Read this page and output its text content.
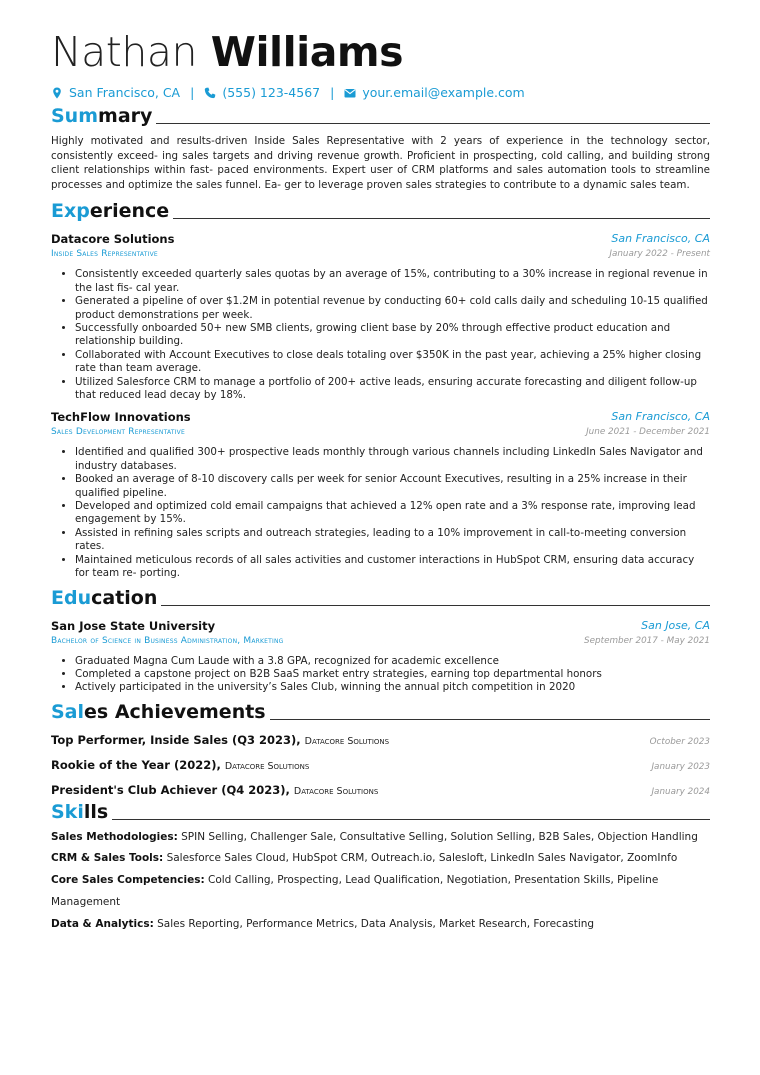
Nathan Williams
San Francisco, CA | (555) 123-4567 | your.email@example.com
Summary
Highly motivated and results-driven Inside Sales Representative with 2 years of experience in the technology sector, consistently exceed- ing sales targets and driving revenue growth. Proficient in prospecting, cold calling, and building strong client relationships within fast- paced environments. Expert user of CRM platforms and sales automation tools to streamline processes and optimize the sales funnel. Ea- ger to leverage proven sales strategies to contribute to a dynamic sales team.
Experience
Datacore Solutions	San Francisco, CA
Inside Sales Representative	January 2022 - Present
• Consistently exceeded quarterly sales quotas by an average of 15%, contributing to a 30% increase in regional revenue in the last fis- cal year.
• Generated a pipeline of over $1.2M in potential revenue by conducting 60+ cold calls daily and scheduling 10-15 qualified product demonstrations per week.
• Successfully onboarded 50+ new SMB clients, growing client base by 20% through effective product education and relationship building.
• Collaborated with Account Executives to close deals totaling over $350K in the past year, achieving a 25% higher closing rate than team average.
• Utilized Salesforce CRM to manage a portfolio of 200+ active leads, ensuring accurate forecasting and diligent follow-up that reduced lead decay by 18%.
TechFlow Innovations	San Francisco, CA
Sales Development Representative	June 2021 - December 2021
• Identified and qualified 300+ prospective leads monthly through various channels including LinkedIn Sales Navigator and industry databases.
• Booked an average of 8-10 discovery calls per week for senior Account Executives, resulting in a 25% increase in their qualified pipeline.
• Developed and optimized cold email campaigns that achieved a 12% open rate and a 3% response rate, improving lead engagement by 15%.
• Assisted in refining sales scripts and outreach strategies, leading to a 10% improvement in call-to-meeting conversion rates.
• Maintained meticulous records of all sales activities and customer interactions in HubSpot CRM, ensuring data accuracy for team re- porting.
Education
San Jose State University	San Jose, CA
Bachelor of Science in Business Administration, Marketing	September 2017 - May 2021
• Graduated Magna Cum Laude with a 3.8 GPA, recognized for academic excellence
• Completed a capstone project on B2B SaaS market entry strategies, earning top departmental honors
• Actively participated in the university’s Sales Club, winning the annual pitch competition in 2020
Sales Achievements
Top Performer, Inside Sales (Q3 2023), Datacore Solutions	October 2023
Rookie of the Year (2022), Datacore Solutions	January 2023
President's Club Achiever (Q4 2023), Datacore Solutions	January 2024
Skills
Sales Methodologies: SPIN Selling, Challenger Sale, Consultative Selling, Solution Selling, B2B Sales, Objection Handling
CRM & Sales Tools: Salesforce Sales Cloud, HubSpot CRM, Outreach.io, Salesloft, LinkedIn Sales Navigator, ZoomInfo
Core Sales Competencies: Cold Calling, Prospecting, Lead Qualification, Negotiation, Presentation Skills, Pipeline Management
Data & Analytics: Sales Reporting, Performance Metrics, Data Analysis, Market Research, Forecasting
